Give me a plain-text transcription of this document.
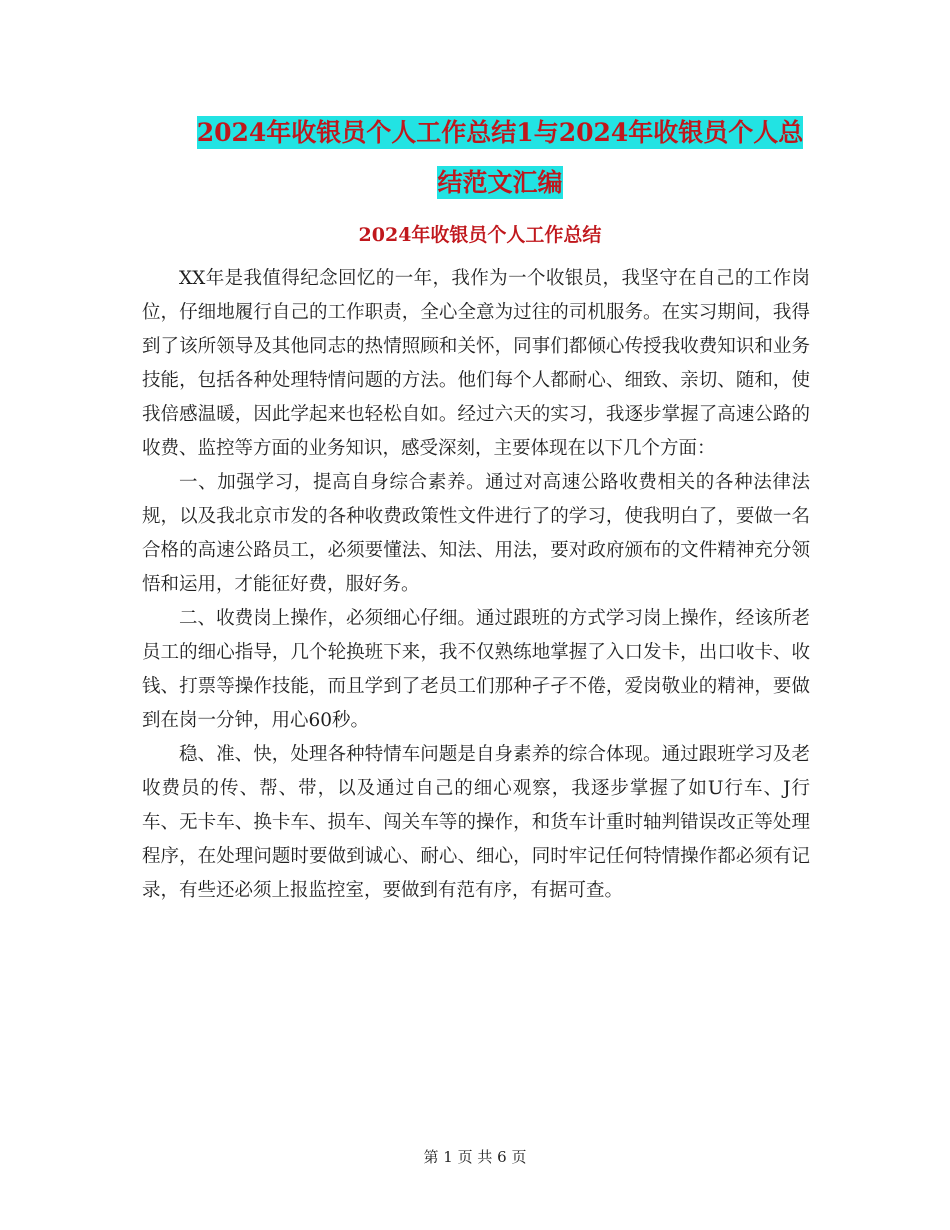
2024年收银员个人工作总结1与2024年收银员个人总
结范文汇编
2024年收银员个人工作总结

XX年是我值得纪念回忆的一年，我作为一个收银员，我坚守在自己的工作岗位，仔细地履行自己的工作职责，全心全意为过往的司机服务。在实习期间，我得到了该所领导及其他同志的热情照顾和关怀，同事们都倾心传授我收费知识和业务技能，包括各种处理特情问题的方法。他们每个人都耐心、细致、亲切、随和，使我倍感温暖，因此学起来也轻松自如。经过六天的实习，我逐步掌握了高速公路的收费、监控等方面的业务知识，感受深刻，主要体现在以下几个方面：

一、加强学习，提高自身综合素养。通过对高速公路收费相关的各种法律法规，以及我北京市发的各种收费政策性文件进行了的学习，使我明白了，要做一名合格的高速公路员工，必须要懂法、知法、用法，要对政府颁布的文件精神充分领悟和运用，才能征好费，服好务。

二、收费岗上操作，必须细心仔细。通过跟班的方式学习岗上操作，经该所老员工的细心指导，几个轮换班下来，我不仅熟练地掌握了入口发卡，出口收卡、收钱、打票等操作技能，而且学到了老员工们那种孑孑不倦，爱岗敬业的精神，要做到在岗一分钟，用心60秒。

稳、准、快，处理各种特情车问题是自身素养的综合体现。通过跟班学习及老收费员的传、帮、带，以及通过自己的细心观察，我逐步掌握了如U行车、J行车、无卡车、换卡车、损车、闯关车等的操作，和货车计重时轴判错误改正等处理程序，在处理问题时要做到诚心、耐心、细心，同时牢记任何特情操作都必须有记录，有些还必须上报监控室，要做到有范有序，有据可查。

第 1 页 共 6 页
